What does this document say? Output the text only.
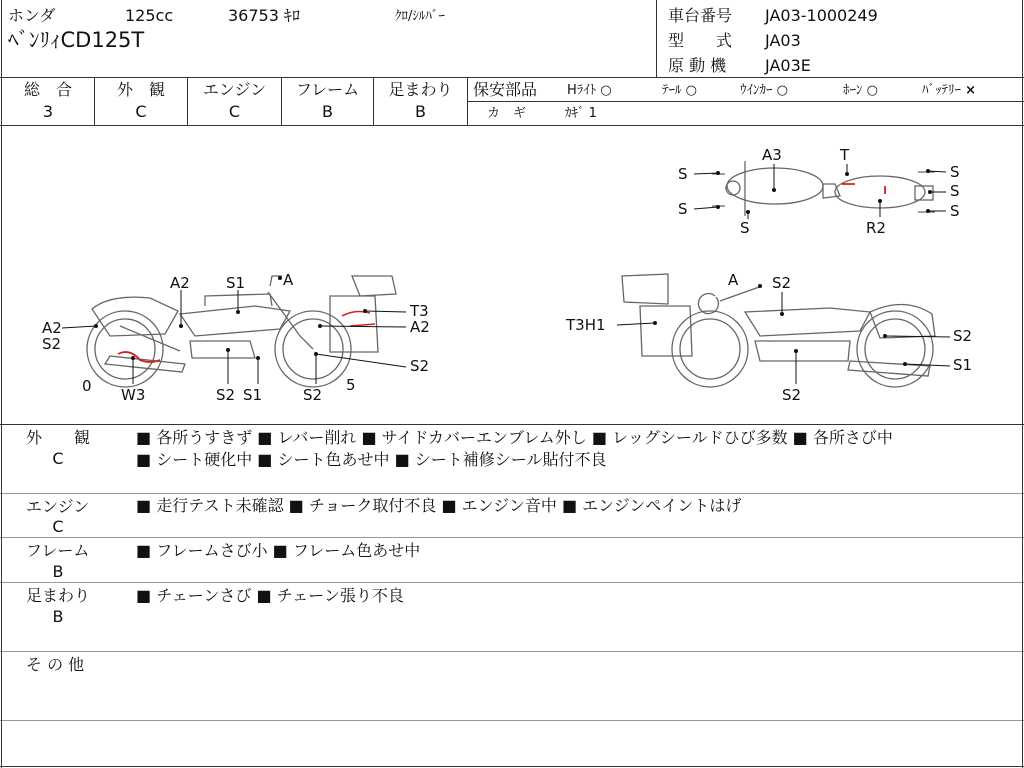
ホンダ	125cc	36753 ｷﾛ	ｸﾛ/ｼﾙﾊﾞｰ
ﾍﾞﾝﾘｨCD125T
車台番号 JA03-1000249
型　　式 JA03
原 動 機 JA03E
総　合
3
外　観
C
エンジン
C
フレーム
B
足まわり
B
保安部品 Hﾗｲﾄ ○	ﾃｰﾙ ○	ｳｲﾝｶｰ ○	ﾎｰﾝ ○	ﾊﾞｯﾃﾘｰ ×
カ　ギ	ｶｷﾞ 1
A3	T
R2
S
S
S
S
S
S
A2 S1	A
T3
A2
A2
S2
S2
0	5
W3	S2 S1	S2
A S2
T3H1
S2
S1
S2
外　　観
C
■ 各所うすきず ■ レバー削れ ■ サイドカバーエンブレム外し ■ レッグシールドひび多数 ■ 各所さび中
■ シート硬化中 ■ シート色あせ中 ■ シート補修シール貼付不良
エンジン
C
■ 走行テスト未確認 ■ チョーク取付不良 ■ エンジン音中 ■ エンジンペイントはげ
フレーム
B
■ フレームさび小 ■ フレーム色あせ中
足まわり
B
■ チェーンさび ■ チェーン張り不良
そ の 他
